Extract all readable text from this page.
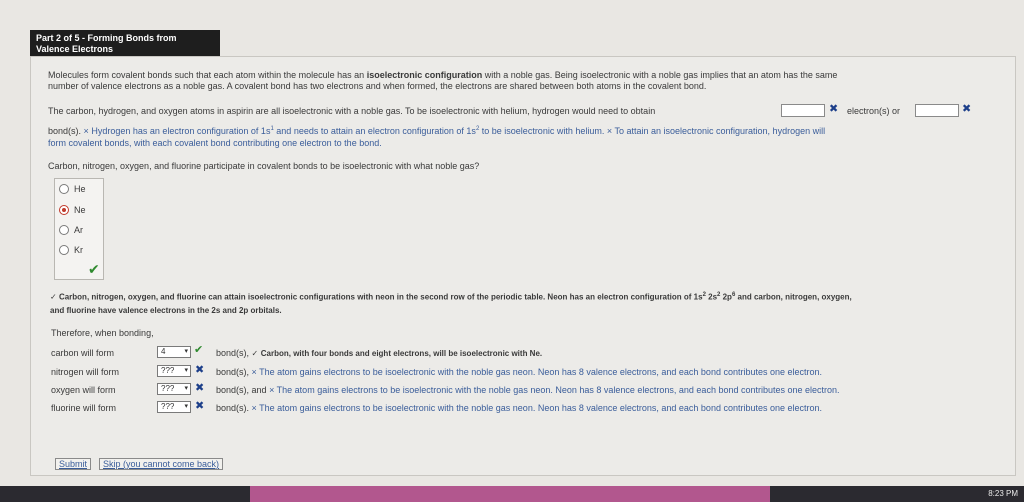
Part 2 of 5 - Forming Bonds from
Valence Electrons
Molecules form covalent bonds such that each atom within the molecule has an isoelectronic configuration with a noble gas. Being isoelectronic with a noble gas implies that an atom has the same
number of valence electrons as a noble gas. A covalent bond has two electrons and when formed, the electrons are shared between both atoms in the covalent bond.
The carbon, hydrogen, and oxygen atoms in aspirin are all isoelectronic with a noble gas. To be isoelectronic with helium, hydrogen would need to obtain	✖ electron(s) or	✖
bond(s). × Hydrogen has an electron configuration of $1s^1$ and needs to attain an electron configuration of $1s^2$ to be isoelectronic with helium. × To attain an isoelectronic configuration, hydrogen will
form covalent bonds, with each covalent bond contributing one electron to the bond.
Carbon, nitrogen, oxygen, and fluorine participate in covalent bonds to be isoelectronic with what noble gas?
He
Ne
Ar
Kr
✔
✓ Carbon, nitrogen, oxygen, and fluorine can attain isoelectronic configurations with neon in the second row of the periodic table. Neon has an electron configuration of $1s^2$ $2s^2$ $2p^6$ and carbon, nitrogen, oxygen,
and fluorine have valence electrons in the 2s and 2p orbitals.
Therefore, when bonding,
carbon will form	4	▾ ✔ bond(s), ✓ Carbon, with four bonds and eight electrons, will be isoelectronic with Ne.
nitrogen will form	??? ▾ ✖ bond(s), × The atom gains electrons to be isoelectronic with the noble gas neon. Neon has 8 valence electrons, and each bond contributes one electron.
oxygen will form	??? ▾ ✖ bond(s), and × The atom gains electrons to be isoelectronic with the noble gas neon. Neon has 8 valence electrons, and each bond contributes one electron.
fluorine will form	??? ▾ ✖ bond(s). × The atom gains electrons to be isoelectronic with the noble gas neon. Neon has 8 valence electrons, and each bond contributes one electron.
Submit	Skip (you cannot come back)
8:23 PM
